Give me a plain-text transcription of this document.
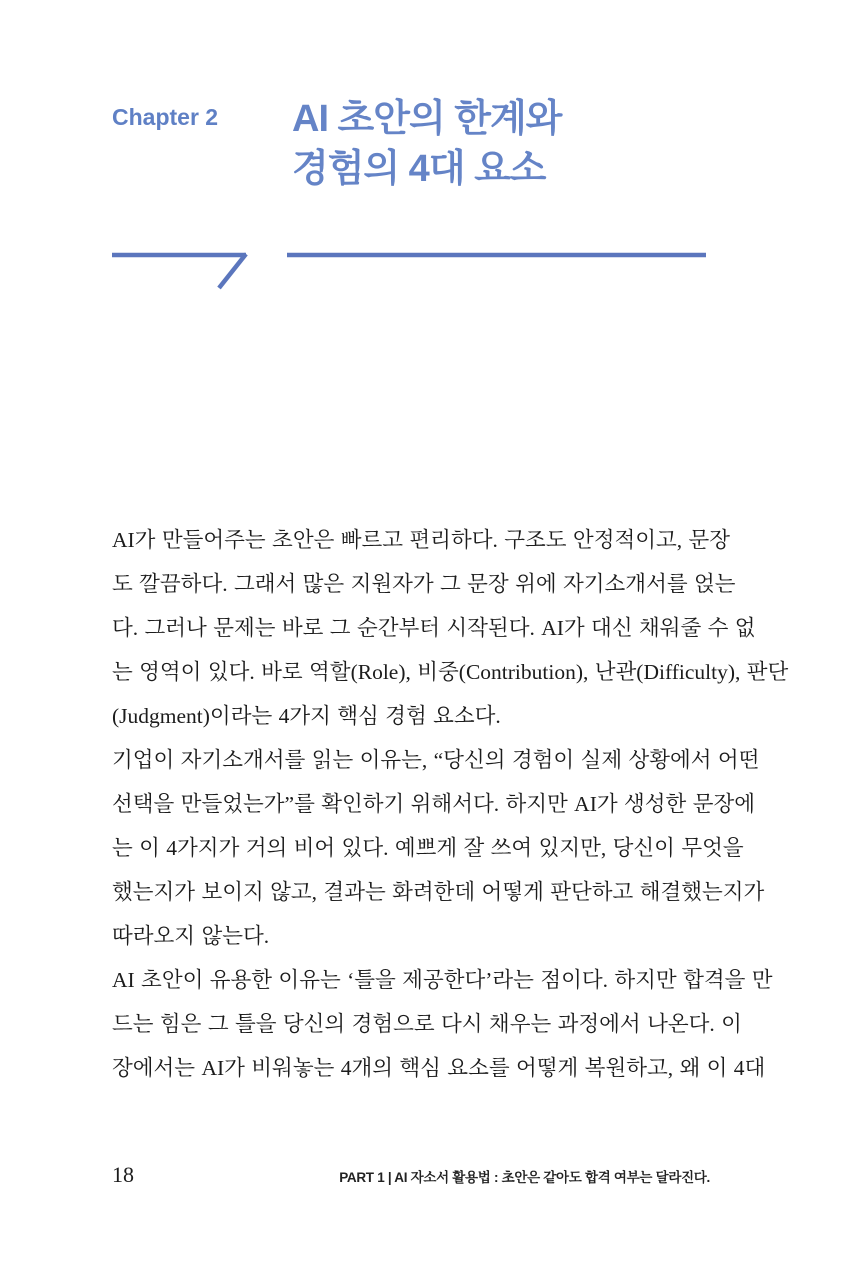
Chapter 2 AI 초안의 한계와
경험의 4대 요소
AI가 만들어주는 초안은 빠르고 편리하다. 구조도 안정적이고, 문장
도 깔끔하다. 그래서 많은 지원자가 그 문장 위에 자기소개서를 얹는
다. 그러나 문제는 바로 그 순간부터 시작된다. AI가 대신 채워줄 수 없
는 영역이 있다. 바로 역할(Role), 비중(Contribution), 난관(Difficulty), 판단
(Judgment)이라는 4가지 핵심 경험 요소다.
기업이 자기소개서를 읽는 이유는, “당신의 경험이 실제 상황에서 어떤
선택을 만들었는가”를 확인하기 위해서다. 하지만 AI가 생성한 문장에
는 이 4가지가 거의 비어 있다. 예쁘게 잘 쓰여 있지만, 당신이 무엇을
했는지가 보이지 않고, 결과는 화려한데 어떻게 판단하고 해결했는지가
따라오지 않는다.
AI 초안이 유용한 이유는 ‘틀을 제공한다’라는 점이다. 하지만 합격을 만
드는 힘은 그 틀을 당신의 경험으로 다시 채우는 과정에서 나온다. 이
장에서는 AI가 비워놓는 4개의 핵심 요소를 어떻게 복원하고, 왜 이 4대
18	PART 1 | AI 자소서 활용법 : 초안은 같아도 합격 여부는 달라진다.
